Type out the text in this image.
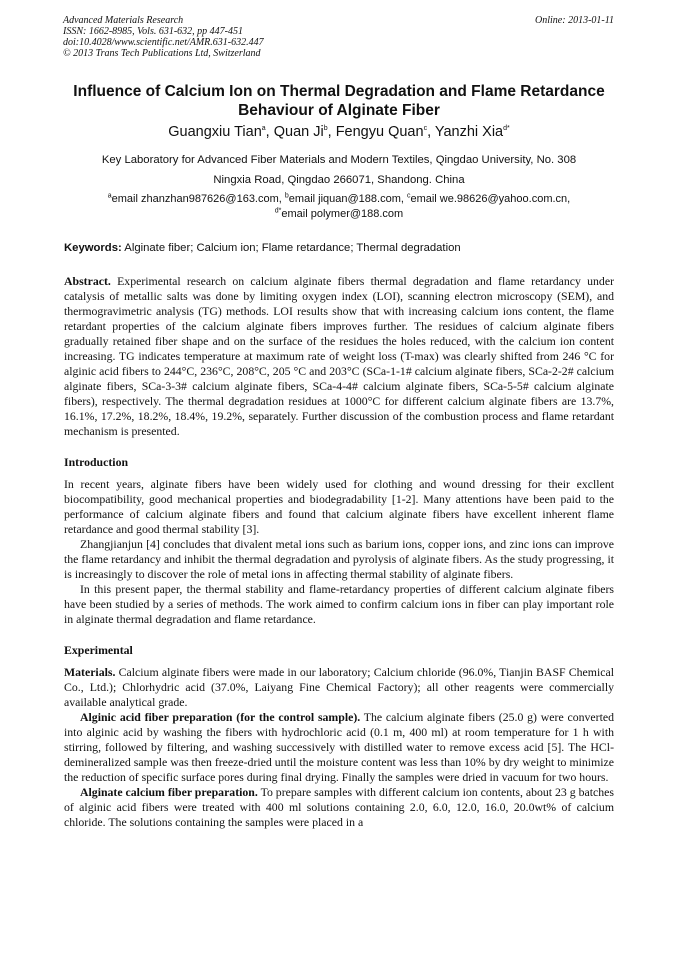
Advanced Materials Research
ISSN: 1662-8985, Vols. 631-632, pp 447-451
doi:10.4028/www.scientific.net/AMR.631-632.447
© 2013 Trans Tech Publications Ltd, Switzerland
Online: 2013-01-11
Influence of Calcium Ion on Thermal Degradation and Flame Retardance
Behaviour of Alginate Fiber
Guangxiu Tian$^a$, Quan Ji$^b$, Fengyu Quan$^c$, Yanzhi Xia$^{d*}$
Key Laboratory for Advanced Fiber Materials and Modern Textiles, Qingdao University, No. 308
Ningxia Road, Qingdao 266071, Shandong. China
$^a$email zhanzhan987626@163.com, $^b$email jiquan@188.com, $^c$email we.98626@yahoo.com.cn,
$^{d*}$email polymer@188.com
Keywords: Alginate fiber; Calcium ion; Flame retardance; Thermal degradation

Abstract. Experimental research on calcium alginate fibers thermal degradation and flame retardancy under catalysis of metallic salts was done by limiting oxygen index (LOI), scanning electron microscopy (SEM), and thermogravimetric analysis (TG) methods. LOI results show that with increasing calcium ions content, the flame retardant properties of the calcium alginate fibers improves further. The residues of calcium alginate fibers gradually retained fiber shape and on the surface of the residues the holes reduced, with the calcium ion content increasing. TG indicates temperature at maximum rate of weight loss (T-max) was clearly shifted from 246 °C for alginic acid fibers to 244°C, 236°C, 208°C, 205 °C and 203°C (SCa-1-1# calcium alginate fibers, SCa-2-2# calcium alginate fibers, SCa-3-3# calcium alginate fibers, SCa-4-4# calcium alginate fibers, SCa-5-5# calcium alginate fibers), respectively. The thermal degradation residues at 1000°C for different calcium alginate fibers are 13.7%, 16.1%, 17.2%, 18.2%, 18.4%, 19.2%, separately. Further discussion of the combustion process and flame retardant mechanism is presented.

Introduction

In recent years, alginate fibers have been widely used for clothing and wound dressing for their excllent biocompatibility, good mechanical properties and biodegradability [1-2]. Many attentions have been paid to the performance of calcium alginate fibers and found that calcium alginate fibers have excellent inherent flame retardance and good thermal stability [3].

Zhangjianjun [4] concludes that divalent metal ions such as barium ions, copper ions, and zinc ions can improve the flame retardancy and inhibit the thermal degradation and pyrolysis of alginate fibers. As the study progressing, it is increasingly to discover the role of metal ions in affecting thermal stability of alginate fibers.

In this present paper, the thermal stability and flame-retardancy properties of different calcium alginate fibers have been studied by a series of methods. The work aimed to confirm calcium ions in fiber can play important role in alginate thermal degradation and flame retardance.

Experimental

Materials. Calcium alginate fibers were made in our laboratory; Calcium chloride (96.0%, Tianjin BASF Chemical Co., Ltd.); Chlorhydric acid (37.0%, Laiyang Fine Chemical Factory); all other reagents were commercially available analytical grade.

Alginic acid fiber preparation (for the control sample). The calcium alginate fibers (25.0 g) were converted into alginic acid by washing the fibers with hydrochloric acid (0.1 m, 400 ml) at room temperature for 1 h with stirring, followed by filtering, and washing successively with distilled water to remove excess acid [5]. The HCl-demineralized sample was then freeze-dried until the moisture content was less than 10% by dry weight to minimize the reduction of specific surface pores during final drying. Finally the samples were dried in vacuum for two hours.

Alginate calcium fiber preparation. To prepare samples with different calcium ion contents, about 23 g batches of alginic acid fibers were treated with 400 ml solutions containing 2.0, 6.0, 12.0, 16.0, 20.0wt% of calcium chloride. The solutions containing the samples were placed in a
